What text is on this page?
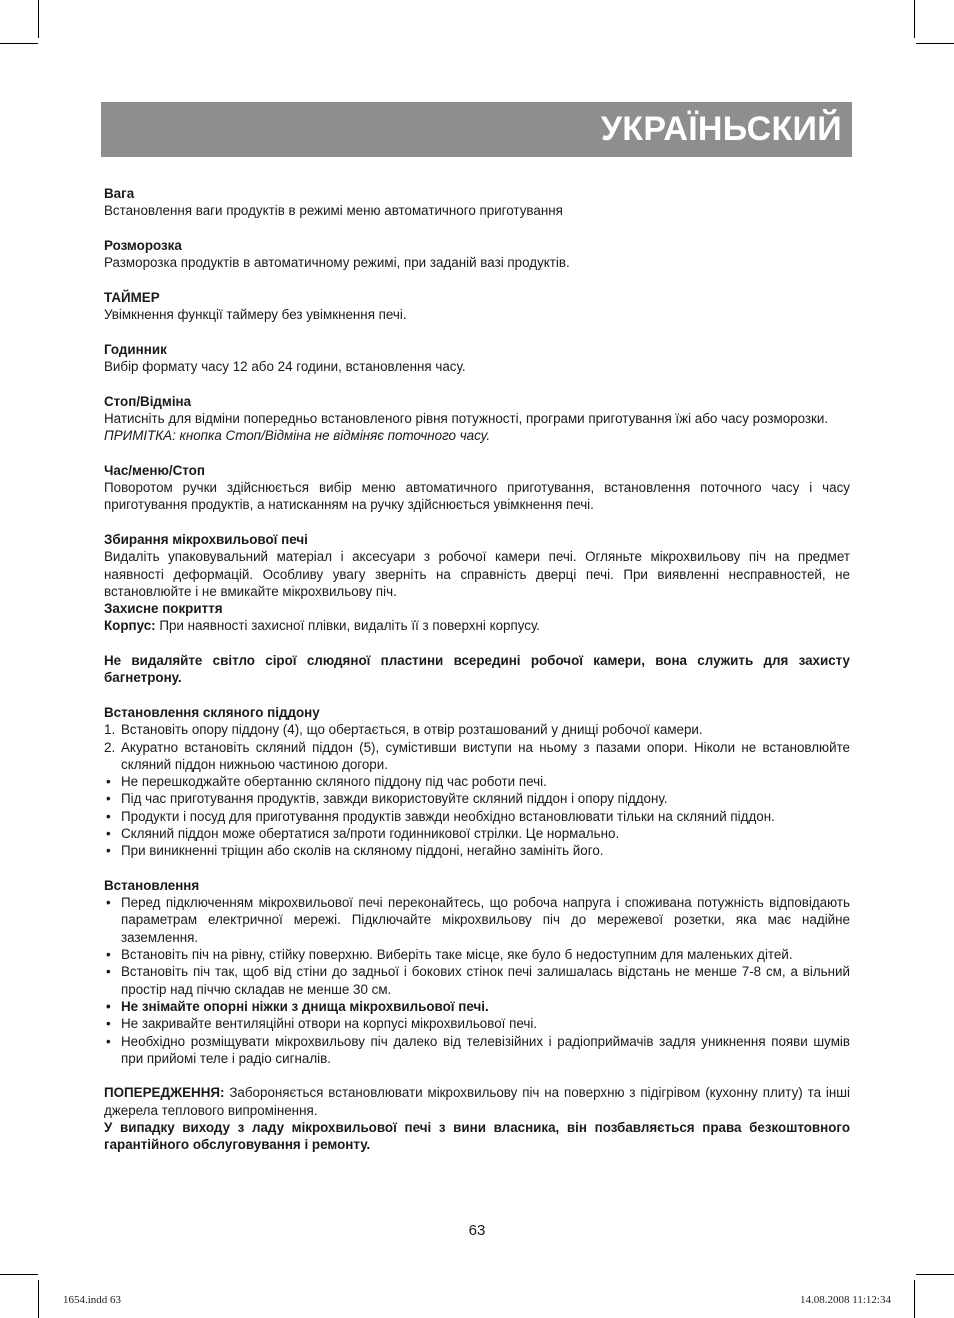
УКРАЇНЬСКИЙ

Вага

Встановлення ваги продуктів в режимі меню автоматичного приготування

Розморозка

Разморозка продуктів в автоматичному режимі, при заданій вазі продуктів.

ТАЙМЕР

Увімкнення функції таймеру без увімкнення печі.

Годинник

Вибір формату часу 12 або 24 години, встановлення часу.

Стоп/Відміна

Натисніть для відміни попередньо встановленого рівня потужності, програми приготування їжі або часу розморозки.

ПРИМІТКА: кнопка Стоп/Відміна не відміняє поточного часу.

Час/меню/Стоп

Поворотом ручки здійснюється вибір меню автоматичного приготування, встановлення поточного часу і часу приготування продуктів, а натисканням на ручку здійснюється увімкнення печі.

Збирання мікрохвильової печі

Видаліть упаковувальний матеріал і аксесуари з робочої камери печі. Огляньте мікрохвильову піч на предмет наявності деформацій. Особливу увагу зверніть на справність дверці печі. При виявленні несправностей, не встановлюйте і не вмикайте мікрохвильову піч.

Захисне покриття

Корпус: При наявності захисної плівки, видаліть її з поверхні корпусу.

Не видаляйте світло сірої слюдяної пластини всередині робочої камери, вона служить для захисту багнетрону.

Встановлення скляного піддону

1. Встановіть опору піддону (4), що обертається, в отвір розташований у днищі робочої камери.
2. Акуратно встановіть скляний піддон (5), сумістивши виступи на ньому з пазами опори. Ніколи не встановлюйте скляний піддон нижньою частиною догори.
• Не перешкоджайте обертанню скляного піддону під час роботи печі.
• Під час приготування продуктів, завжди використовуйте скляний піддон і опору піддону.
• Продукти і посуд для приготування продуктів завжди необхідно встановлювати тільки на скляний піддон.
• Скляний піддон може обертатися за/проти годинникової стрілки. Це нормально.
• При виникненні тріщин або сколів на скляному піддоні, негайно замініть його.

Встановлення

• Перед підключенням мікрохвильової печі переконайтесь, що робоча напруга і споживана потужність відповідають параметрам електричної мережі. Підключайте мікрохвильову піч до мережевої розетки, яка має надійне заземлення.
• Встановіть піч на рівну, стійку поверхню. Виберіть таке місце, яке було б недоступним для маленьких дітей.
• Встановіть піч так, щоб від стіни до задньої і бокових стінок печі залишалась відстань не менше 7-8 см, а вільний простір над піччю складав не менше 30 см.
• Не знімайте опорні ніжки з днища мікрохвильової печі.
• Не закривайте вентиляційні отвори на корпусі мікрохвильової печі.
• Необхідно розміщувати мікрохвильову піч далеко від телевізійних і радіоприймачів задля уникнення появи шумів при прийомі теле і радіо сигналів.

ПОПЕРЕДЖЕННЯ: Забороняється встановлювати мікрохвильову піч на поверхню з підігрівом (кухонну плиту) та інші джерела теплового випромінення.

У випадку виходу з ладу мікрохвильової печі з вини власника, він позбавляється права безкоштовного гарантійного обслуговування і ремонту.

63
1654.indd 63	14.08.2008 11:12:34
